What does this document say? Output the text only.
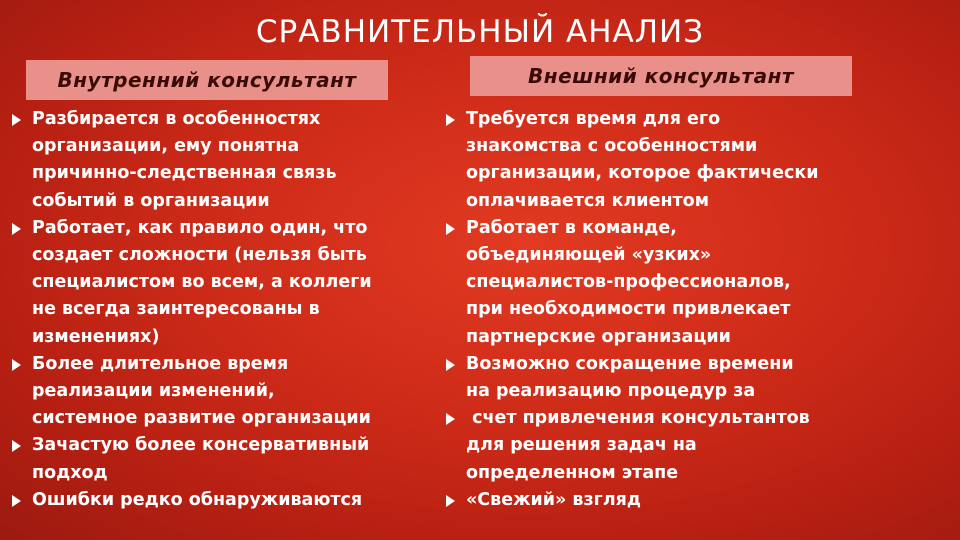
СРАВНИТЕЛЬНЫЙ АНАЛИЗ
Внутренний консультант	Внешний консультант
Разбирается в особенностях
организации, ему понятна
причинно-следственная связь
событий в организации
Работает, как правило один, что
создает сложности (нельзя быть
специалистом во всем, а коллеги
не всегда заинтересованы в
изменениях)
Более длительное время
реализации изменений,
системное развитие организации
Зачастую более консервативный
подход
Ошибки редко обнаруживаются
Требуется время для его
знакомства с особенностями
организации, которое фактически
оплачивается клиентом
Работает в команде,
объединяющей «узких»
специалистов-профессионалов,
при необходимости привлекает
партнерские организации
Возможно сокращение времени
на реализацию процедур за
счет привлечения консультантов
для решения задач на
определенном этапе
«Свежий» взгляд
